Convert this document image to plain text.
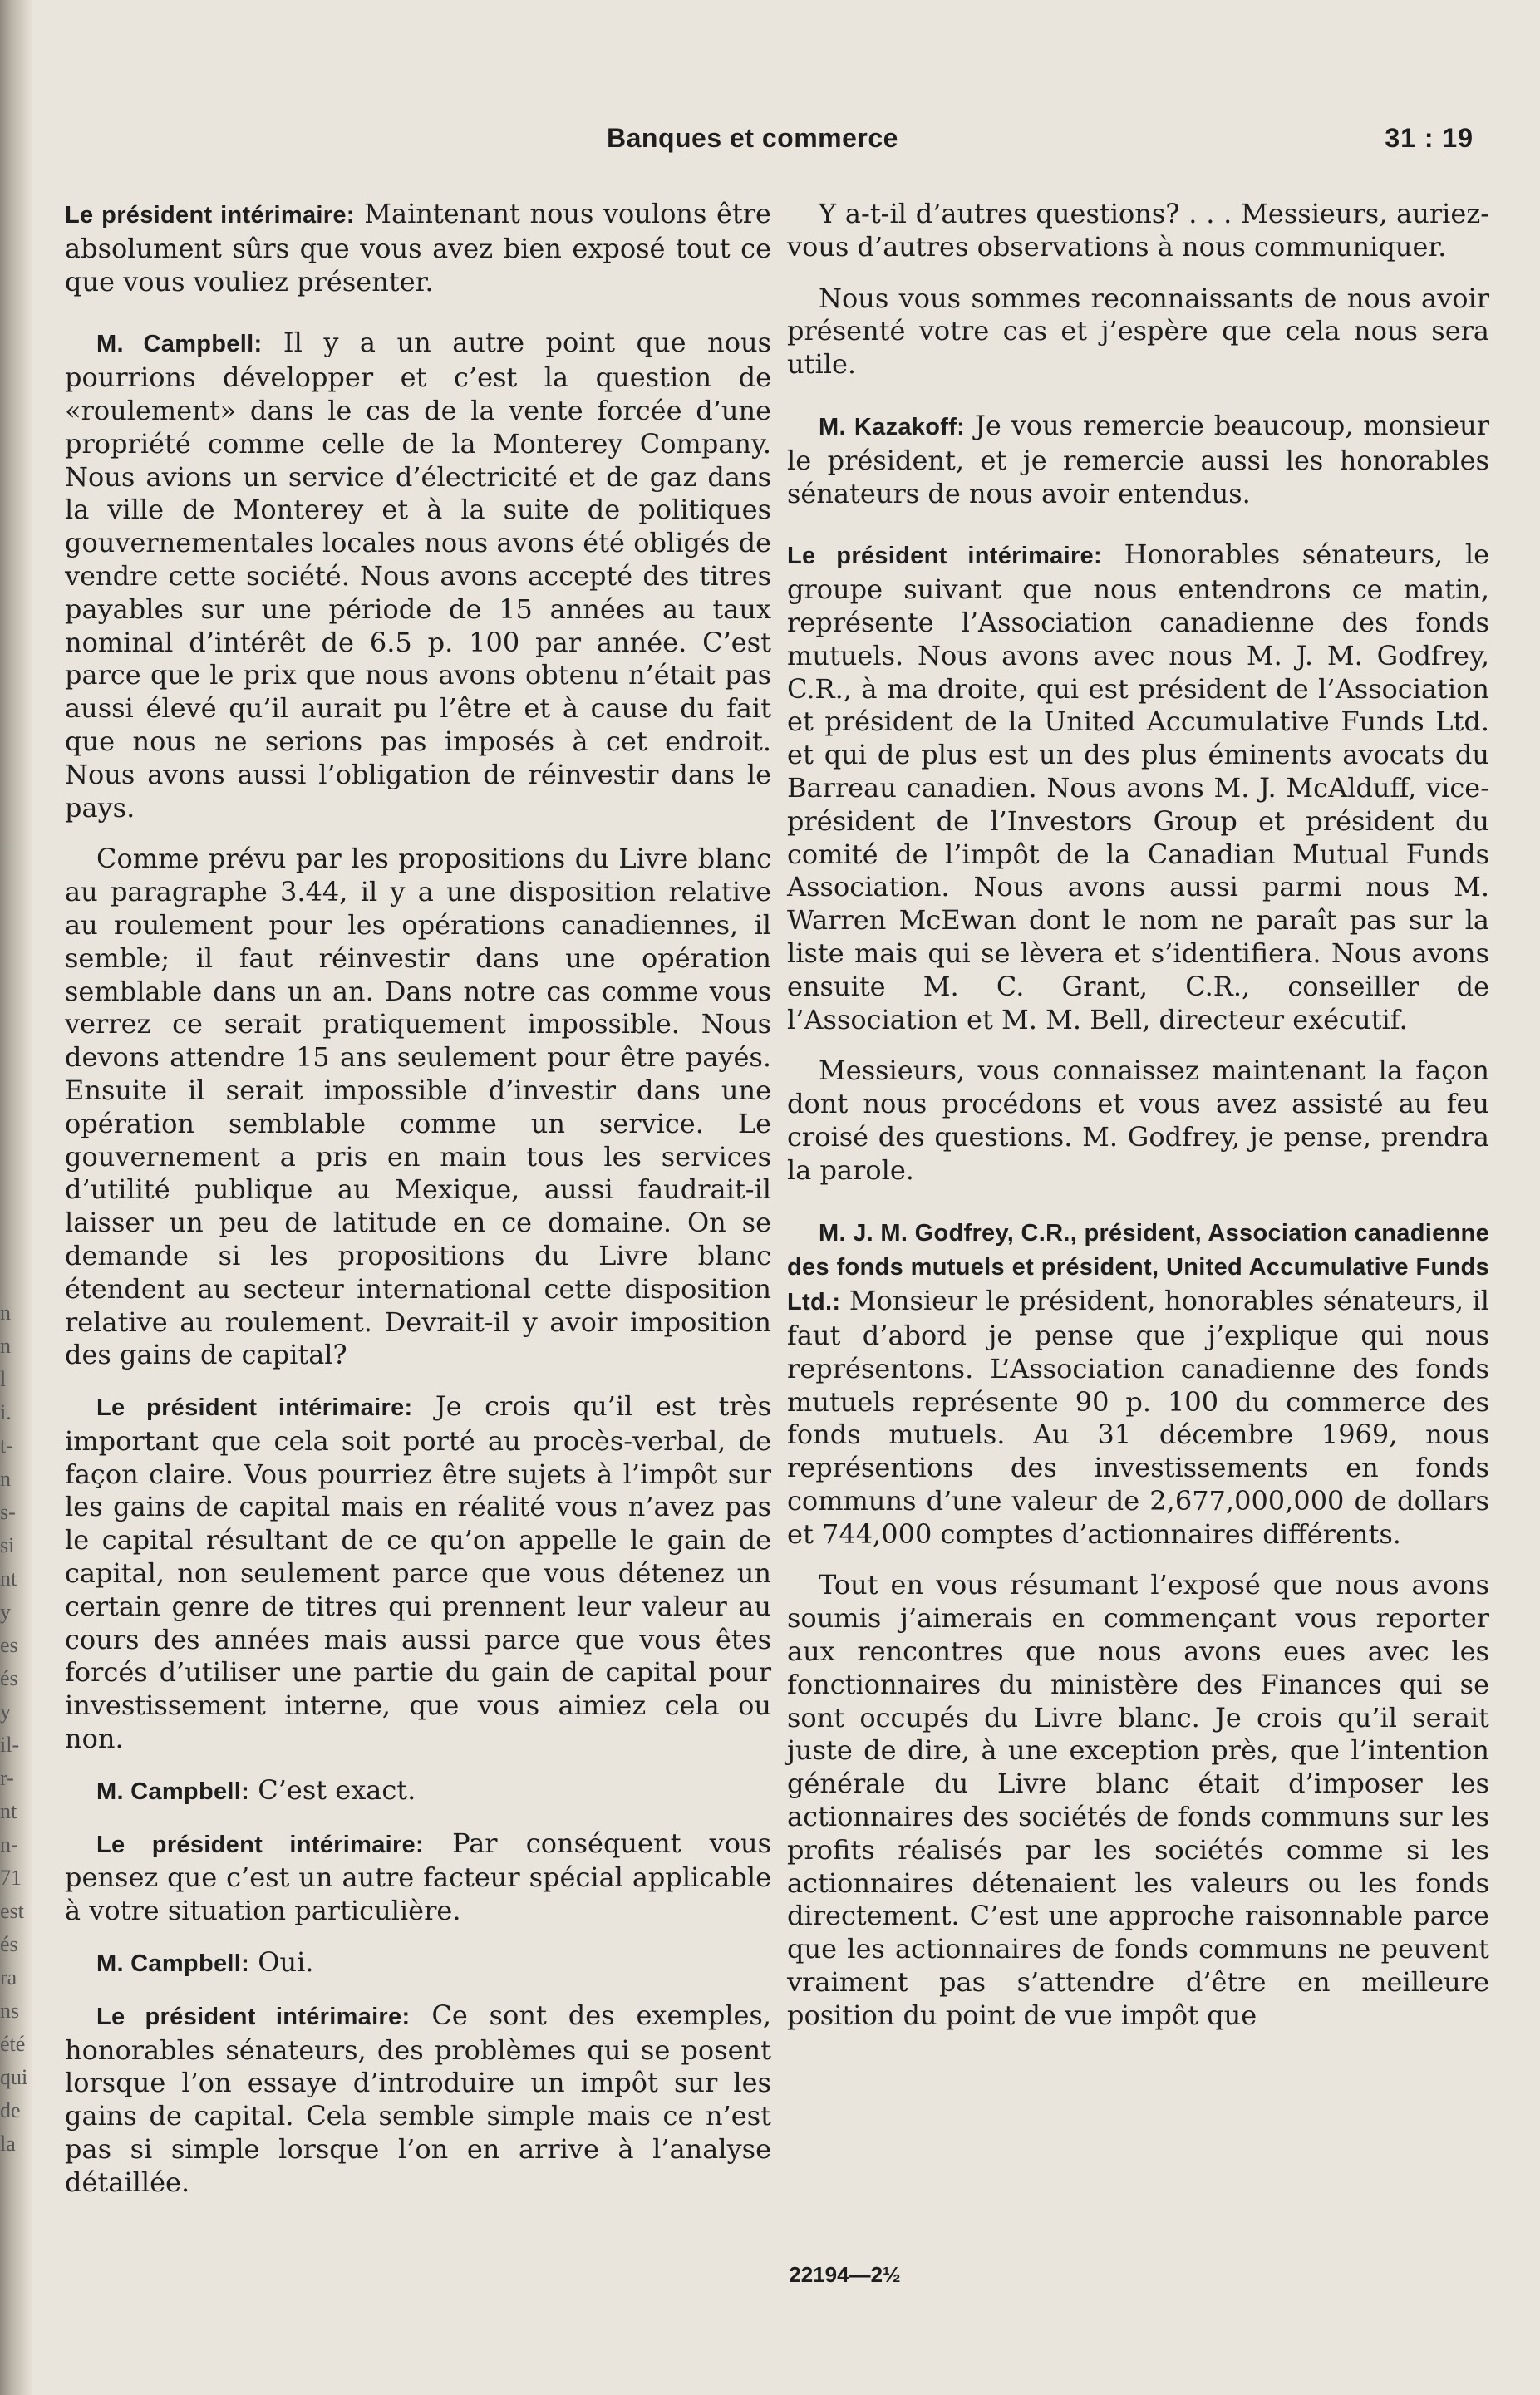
n
n
l
i.
t-
n
s-
si
nt
y
es
és
y
il-
r-
nt
n-
71
est
és
ra
ns
été
qui
de
la
Banques et commerce	31 : 19

Le président intérimaire: Maintenant nous voulons être absolument sûrs que vous avez bien exposé tout ce que vous vouliez présenter.

M. Campbell: Il y a un autre point que nous pourrions développer et c’est la question de «roulement» dans le cas de la vente forcée d’une propriété comme celle de la Monterey Company. Nous avions un service d’électricité et de gaz dans la ville de Monterey et à la suite de politiques gouvernementales locales nous avons été obligés de vendre cette société. Nous avons accepté des titres payables sur une période de 15 années au taux nominal d’intérêt de 6.5 p. 100 par année. C’est parce que le prix que nous avons obtenu n’était pas aussi élevé qu’il aurait pu l’être et à cause du fait que nous ne serions pas imposés à cet endroit. Nous avons aussi l’obligation de réinvestir dans le pays.

Comme prévu par les propositions du Livre blanc au paragraphe 3.44, il y a une disposition relative au roulement pour les opérations canadiennes, il semble; il faut réinvestir dans une opération semblable dans un an. Dans notre cas comme vous verrez ce serait pratiquement impossible. Nous devons attendre 15 ans seulement pour être payés. Ensuite il serait impossible d’investir dans une opération semblable comme un service. Le gouvernement a pris en main tous les services d’utilité publique au Mexique, aussi faudrait-il laisser un peu de latitude en ce domaine. On se demande si les propositions du Livre blanc étendent au secteur international cette disposition relative au roulement. Devrait-il y avoir imposition des gains de capital?

Le président intérimaire: Je crois qu’il est très important que cela soit porté au procès-verbal, de façon claire. Vous pourriez être sujets à l’impôt sur les gains de capital mais en réalité vous n’avez pas le capital résultant de ce qu’on appelle le gain de capital, non seulement parce que vous détenez un certain genre de titres qui prennent leur valeur au cours des années mais aussi parce que vous êtes forcés d’utiliser une partie du gain de capital pour investissement interne, que vous aimiez cela ou non.

M. Campbell: C’est exact.

Le président intérimaire: Par conséquent vous pensez que c’est un autre facteur spécial applicable à votre situation particulière.

M. Campbell: Oui.

Le président intérimaire: Ce sont des exemples, honorables sénateurs, des problèmes qui se posent lorsque l’on essaye d’introduire un impôt sur les gains de capital. Cela semble simple mais ce n’est pas si simple lorsque l’on en arrive à l’analyse détaillée.

Y a-t-il d’autres questions? . . . Messieurs, auriez-vous d’autres observations à nous communiquer.

Nous vous sommes reconnaissants de nous avoir présenté votre cas et j’espère que cela nous sera utile.

M. Kazakoff: Je vous remercie beaucoup, monsieur le président, et je remercie aussi les honorables sénateurs de nous avoir entendus.

Le président intérimaire: Honorables sénateurs, le groupe suivant que nous entendrons ce matin, représente l’Association canadienne des fonds mutuels. Nous avons avec nous M. J. M. Godfrey, C.R., à ma droite, qui est président de l’Association et président de la United Accumulative Funds Ltd. et qui de plus est un des plus éminents avocats du Barreau canadien. Nous avons M. J. McAlduff, vice-président de l’Investors Group et président du comité de l’impôt de la Canadian Mutual Funds Association. Nous avons aussi parmi nous M. Warren McEwan dont le nom ne paraît pas sur la liste mais qui se lèvera et s’identifiera. Nous avons ensuite M. C. Grant, C.R., conseiller de l’Association et M. M. Bell, directeur exécutif.

Messieurs, vous connaissez maintenant la façon dont nous procédons et vous avez assisté au feu croisé des questions. M. Godfrey, je pense, prendra la parole.

M. J. M. Godfrey, C.R., président, Association canadienne des fonds mutuels et président, United Accumulative Funds Ltd.: Monsieur le président, honorables sénateurs, il faut d’abord je pense que j’explique qui nous représentons. L’Association canadienne des fonds mutuels représente 90 p. 100 du commerce des fonds mutuels. Au 31 décembre 1969, nous représentions des investissements en fonds communs d’une valeur de 2,677,000,000 de dollars et 744,000 comptes d’actionnaires différents.

Tout en vous résumant l’exposé que nous avons soumis j’aimerais en commençant vous reporter aux rencontres que nous avons eues avec les fonctionnaires du ministère des Finances qui se sont occupés du Livre blanc. Je crois qu’il serait juste de dire, à une exception près, que l’intention générale du Livre blanc était d’imposer les actionnaires des sociétés de fonds communs sur les profits réalisés par les sociétés comme si les actionnaires détenaient les valeurs ou les fonds directement. C’est une approche raisonnable parce que les actionnaires de fonds communs ne peuvent vraiment pas s’attendre d’être en meilleure position du point de vue impôt que

22194—2½
